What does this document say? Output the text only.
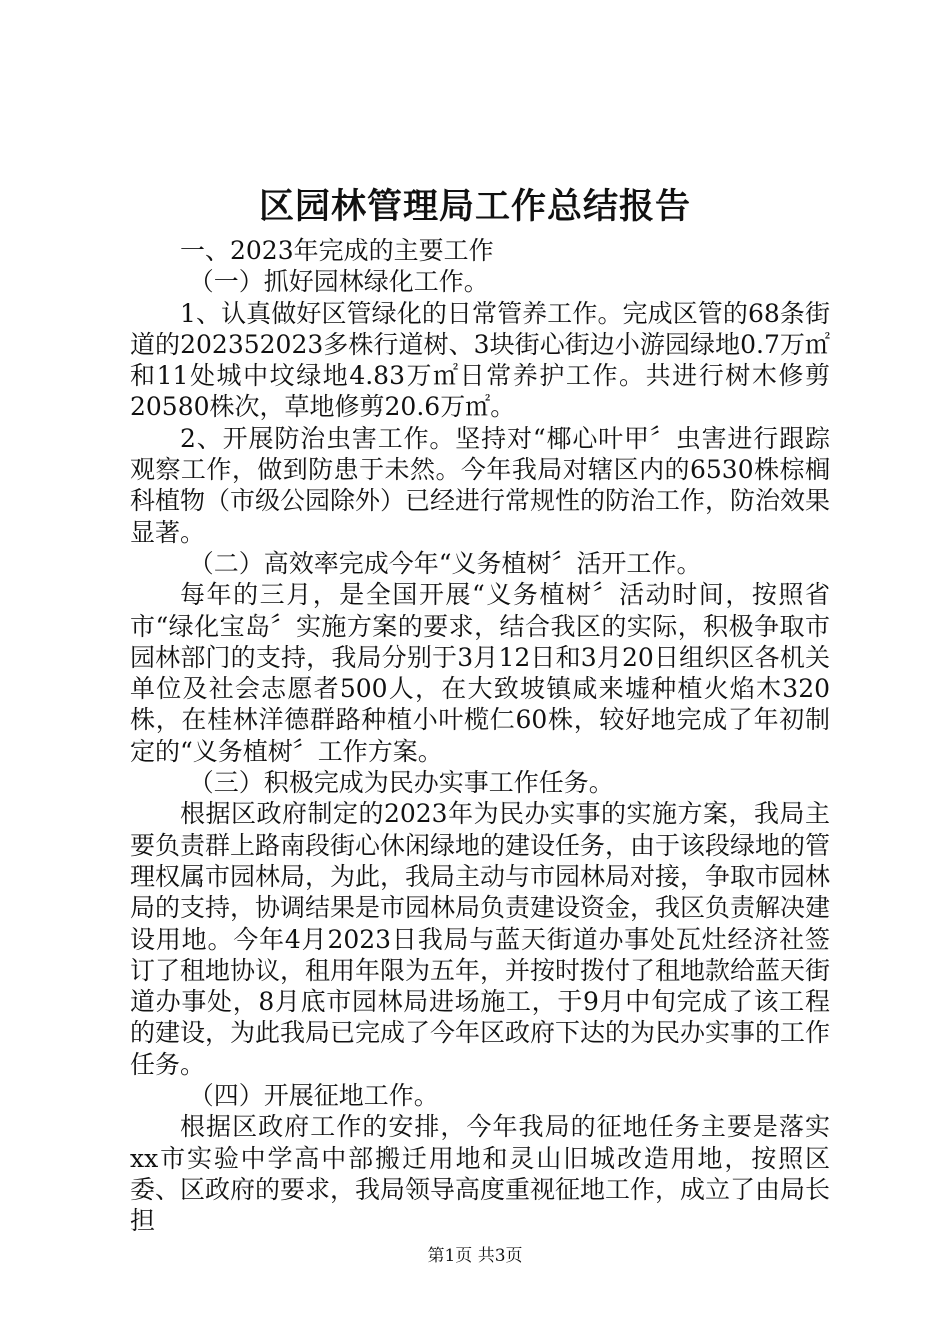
区园林管理局工作总结报告

一、2023年完成的主要工作

（一）抓好园林绿化工作。

1、认真做好区管绿化的日常管养工作。完成区管的68条街道的202352023多株行道树、3块街心街边小游园绿地0.7万㎡和11处城中坟绿地4.83万㎡日常养护工作。共进行树木修剪20580株次，草地修剪20.6万㎡。

2、开展防治虫害工作。坚持对“椰心叶甲〞虫害进行跟踪观察工作，做到防患于未然。今年我局对辖区内的6530株棕榈科植物（市级公园除外）已经进行常规性的防治工作，防治效果显著。

（二）高效率完成今年“义务植树〞活开工作。

每年的三月，是全国开展“义务植树〞活动时间，按照省市“绿化宝岛〞实施方案的要求，结合我区的实际，积极争取市园林部门的支持，我局分别于3月12日和3月20日组织区各机关单位及社会志愿者500人，在大致坡镇咸来墟种植火焰木320株，在桂林洋德群路种植小叶榄仁60株，较好地完成了年初制定的“义务植树〞工作方案。

（三）积极完成为民办实事工作任务。

根据区政府制定的2023年为民办实事的实施方案，我局主要负责群上路南段街心休闲绿地的建设任务，由于该段绿地的管理权属市园林局，为此，我局主动与市园林局对接，争取市园林局的支持，协调结果是市园林局负责建设资金，我区负责解决建设用地。今年4月2023日我局与蓝天街道办事处瓦灶经济社签订了租地协议，租用年限为五年，并按时拨付了租地款给蓝天街道办事处，8月底市园林局进场施工，于9月中旬完成了该工程的建设，为此我局已完成了今年区政府下达的为民办实事的工作任务。

（四）开展征地工作。

根据区政府工作的安排，今年我局的征地任务主要是落实xx市实验中学高中部搬迁用地和灵山旧城改造用地，按照区委、区政府的要求，我局领导高度重视征地工作，成立了由局长担

第1页 共3页
